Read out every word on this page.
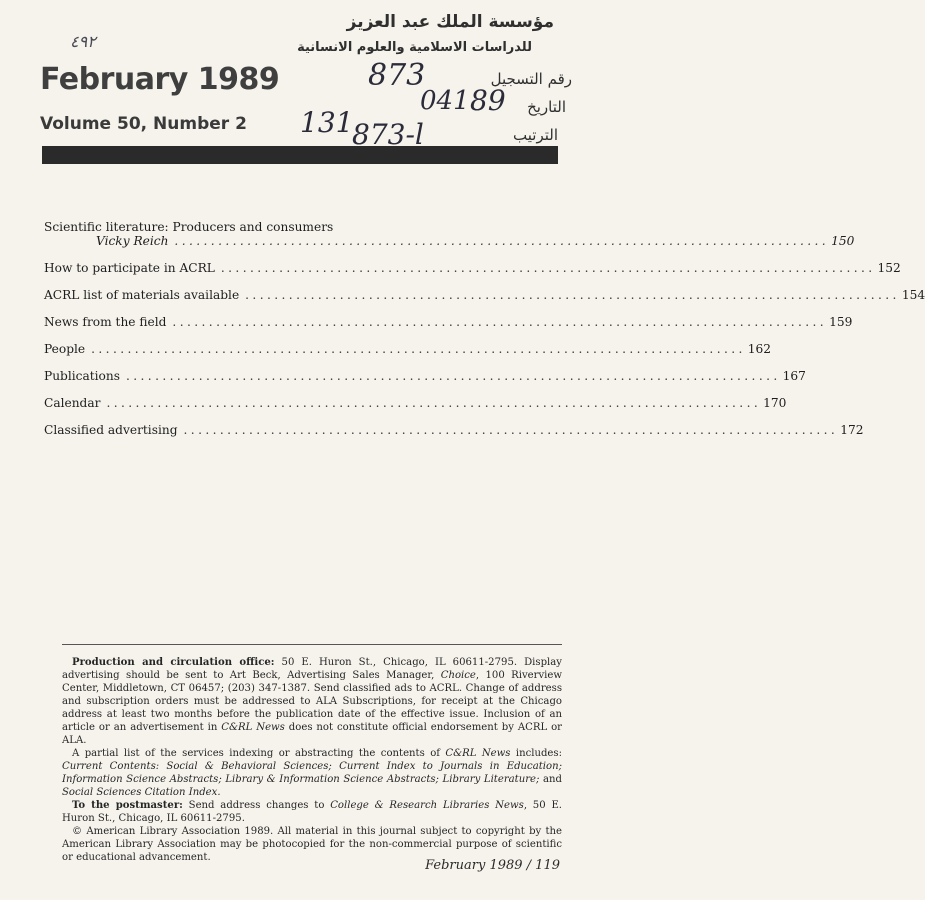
February 1989
Volume 50, Number 2
٤٩٢
873
041 89
131
873-l
مؤسسة الملك عبد العزيز
للدراسات الاسلامية والعلوم الانسانية
رقم التسجيل
التاريخ
الترتيب
Scientific literature: Producers and consumers
Vicky Reich .......................................................................................... 150
How to participate in ACRL .......................................................................................... 152
ACRL list of materials available .......................................................................................... 154
News from the field .......................................................................................... 159
People .......................................................................................... 162
Publications .......................................................................................... 167
Calendar .......................................................................................... 170
Classified advertising .......................................................................................... 172

Production and circulation office: 50 E. Huron St., Chicago, IL 60611-2795. Display advertising should be sent to Art Beck, Advertising Sales Manager, Choice, 100 Riverview Center, Middletown, CT 06457; (203) 347-1387. Send classified ads to ACRL. Change of address and subscription orders must be addressed to ALA Subscriptions, for receipt at the Chicago address at least two months before the publication date of the effective issue. Inclusion of an article or an advertisement in C&RL News does not constitute official endorsement by ACRL or ALA.

A partial list of the services indexing or abstracting the contents of C&RL News includes: Current Contents: Social & Behavioral Sciences; Current Index to Journals in Education; Information Science Abstracts; Library & Information Science Abstracts; Library Literature; and Social Sciences Citation Index.

To the postmaster: Send address changes to College & Research Libraries News, 50 E. Huron St., Chicago, IL 60611-2795.

© American Library Association 1989. All material in this journal subject to copyright by the American Library Association may be photocopied for the non-commercial purpose of scientific or educational advancement.

February 1989 / 119
